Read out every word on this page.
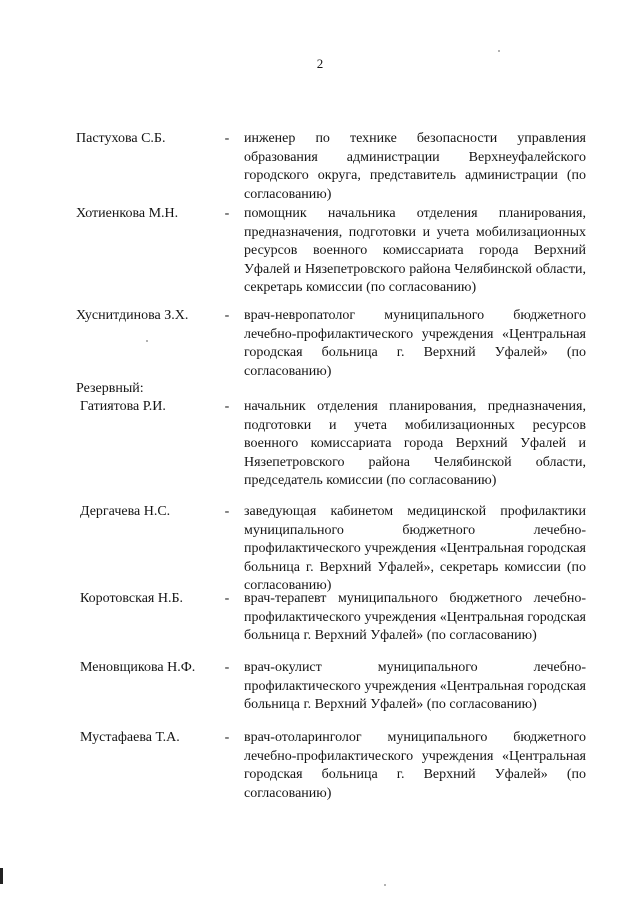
2
Пастухова С.Б.	- инженер по технике безопасности управления образования администрации Верхнеуфалейского городского округа, представитель администрации (по согласованию)
Хотиенкова М.Н.	- помощник начальника отделения планирования, предназначения, подготовки и учета мобилизационных ресурсов военного комиссариата города Верхний Уфалей и Нязепетровского района Челябинской области, секретарь комиссии (по согласованию)
Хуснитдинова З.Х.	- врач-невропатолог муниципального бюджетного лечебно-профилактического учреждения «Центральная городская больница г. Верхний Уфалей» (по согласованию)
Резервный:
Гатиятова Р.И.	- начальник отделения планирования, предназначения, подготовки и учета мобилизационных ресурсов военного комиссариата города Верхний Уфалей и Нязепетровского района Челябинской области, председатель комиссии (по согласованию)
Дергачева Н.С.	- заведующая кабинетом медицинской профилактики муниципального бюджетного лечебно-профилактического учреждения «Центральная городская больница г. Верхний Уфалей», секретарь комиссии (по согласованию)
Коротовская Н.Б.	- врач-терапевт муниципального бюджетного лечебно-профилактического учреждения «Центральная городская больница г. Верхний Уфалей» (по согласованию)
Меновщикова Н.Ф.	- врач-окулист муниципального лечебно-профилактического учреждения «Центральная городская больница г. Верхний Уфалей» (по согласованию)
Мустафаева Т.А.	- врач-отоларинголог муниципального бюджетного лечебно-профилактического учреждения «Центральная городская больница г. Верхний Уфалей» (по согласованию)
